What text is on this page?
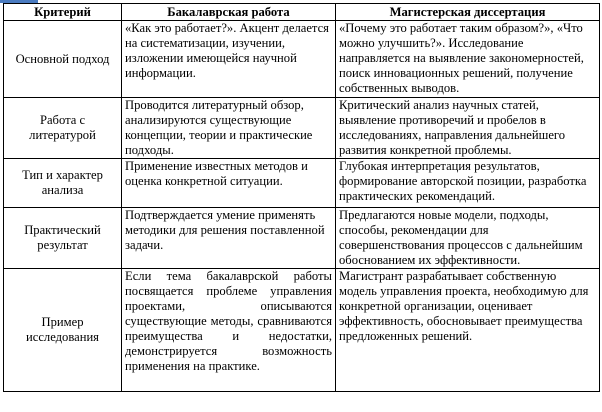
Критерий	Бакалаврская работа	Магистерская диссертация
Основной подход	«Как это работает?». Акцент делается на систематизации, изучении, изложении имеющейся научной информации.	«Почему это работает таким образом?», «Что можно улучшить?». Исследование направляется на выявление закономерностей, поиск инновационных решений, получение собственных выводов.
Работа с литературой	Проводится литературный обзор, анализируются существующие концепции, теории и практические подходы.	Критический анализ научных статей, выявление противоречий и пробелов в исследованиях, направления дальнейшего развития конкретной проблемы.
Тип и характер анализа	Применение известных методов и оценка конкретной ситуации.	Глубокая интерпретация результатов, формирование авторской позиции, разработка практических рекомендаций.
Практический результат	Подтверждается умение применять методики для решения поставленной задачи.	Предлагаются новые модели, подходы, способы, рекомендации для совершенствования процессов с дальнейшим обоснованием их эффективности.
Пример исследования	Если тема бакалаврской работы посвящается проблеме управления проектами, описываются существующие методы, сравниваются преимущества и недостатки, демонстрируется возможность применения на практике.	Магистрант разрабатывает собственную модель управления проекта, необходимую для конкретной организации, оценивает эффективность, обосновывает преимущества предложенных решений.
